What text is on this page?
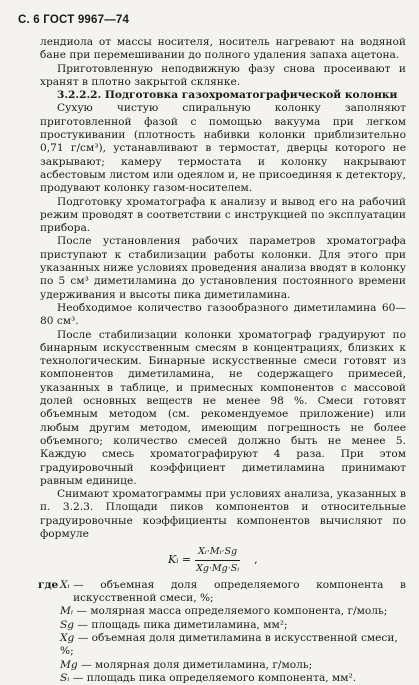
С. 6 ГОСТ 9967—74

лендиола от массы носителя, носитель нагревают на водяной бане при перемешивании до полного удаления запаха ацетона.

Приготовленную неподвижную фазу снова просеивают и хранят в плотно закрытой склянке.

3.2.2.2. Подготовка газохроматографической колонки

Сухую чистую спиральную колонку заполняют приготовленной фазой с помощью вакуума при легком простукивании (плотность набивки колонки приблизительно 0,71 г/см³), устанавливают в термостат, дверцы которого не закрывают; камеру термостата и колонку накрывают асбестовым листом или одеялом и, не присоединяя к детектору, продувают колонку газом-носителем.

Подготовку хроматографа к анализу и вывод его на рабочий режим проводят в соответствии с инструкцией по эксплуатации прибора.

После установления рабочих параметров хроматографа приступают к стабилизации работы колонки. Для этого при указанных ниже условиях проведения анализа вводят в колонку по 5 см³ диметиламина до установления постоянного времени удерживания и высоты пика диметиламина.

Необходимое количество газообразного диметиламина 60—80 см³.

После стабилизации колонки хроматограф градуируют по бинарным искусственным смесям в концентрациях, близких к технологическим. Бинарные искусственные смеси готовят из компонентов диметиламина, не содержащего примесей, указанных в таблице, и примесных компонентов с массовой долей основных веществ не менее 98 %. Смеси готовят объемным методом (см. рекомендуемое приложение) или любым другим методом, имеющим погрешность не более объемного; количество смесей должно быть не менее 5. Каждую смесь хроматографируют 4 раза. При этом градуировочный коэффициент диметиламина принимают равным единице.

Снимают хроматограммы при условиях анализа, указанных в п. 3.2.3. Площади пиков компонентов и относительные градуировочные коэффициенты компонентов вычисляют по формуле

Kᵢ = $\frac{\text{Xᵢ·Mᵢ·Sg}}{\text{Xg·Mg·Sᵢ}}$ ,
где Xᵢ
— объемная доля определяемого компонента в искусственной смеси, %;
Mᵢ — молярная масса определяемого компонента, г/моль;
Sg — площадь пика диметиламина, мм²;
Xg — объемная доля диметиламина в искусственной смеси, %;
Mg — молярная доля диметиламина, г/моль;
Sᵢ — площадь пика определяемого компонента, мм².
